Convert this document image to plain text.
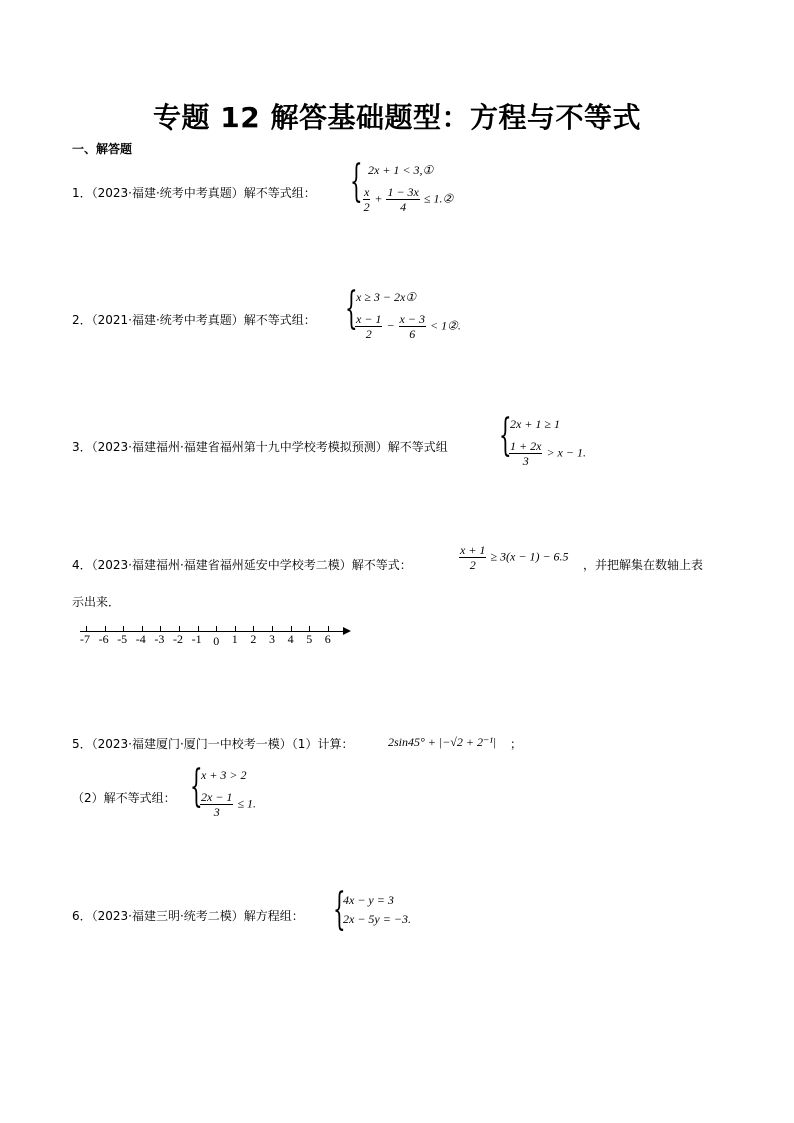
专题 12 解答基础题型：方程与不等式
一、解答题
1．（2023·福建·统考中考真题）解不等式组： { 2x + 1 < 3,①
$\frac{x}{2} + \frac{1 - 3x}{4}$ ≤ 1.②
2．（2021·福建·统考中考真题）解不等式组： {
x ≥ 3 − 2x①
$\frac{x - 1}{2} - \frac{x - 3}{6}$ < 1②.
3．（2023·福建福州·福建省福州第十九中学校考模拟预测）解不等式组 {
2x + 1 ≥ 1
$\frac{1 + 2x}{3} > x - 1$.
4．（2023·福建福州·福建省福州延安中学校考二模）解不等式：	$\frac{x + 1}{2} \ge 3(x - 1) - 6.5$
，并把解集在数轴上表
示出来．
-7 -6 -5 -4 -3 -2 -1 0 1 2 3 4 5 6
5．（2023·福建厦门·厦门一中校考一模）（1）计算：	2sin45° + |−√2 + 2⁻¹| ；
（2）解不等式组： {
x + 3 > 2
$\frac{2x - 1}{3} \le 1$.
6．（2023·福建三明·统考二模）解方程组： {
4x − y = 3
2x − 5y = −3.
